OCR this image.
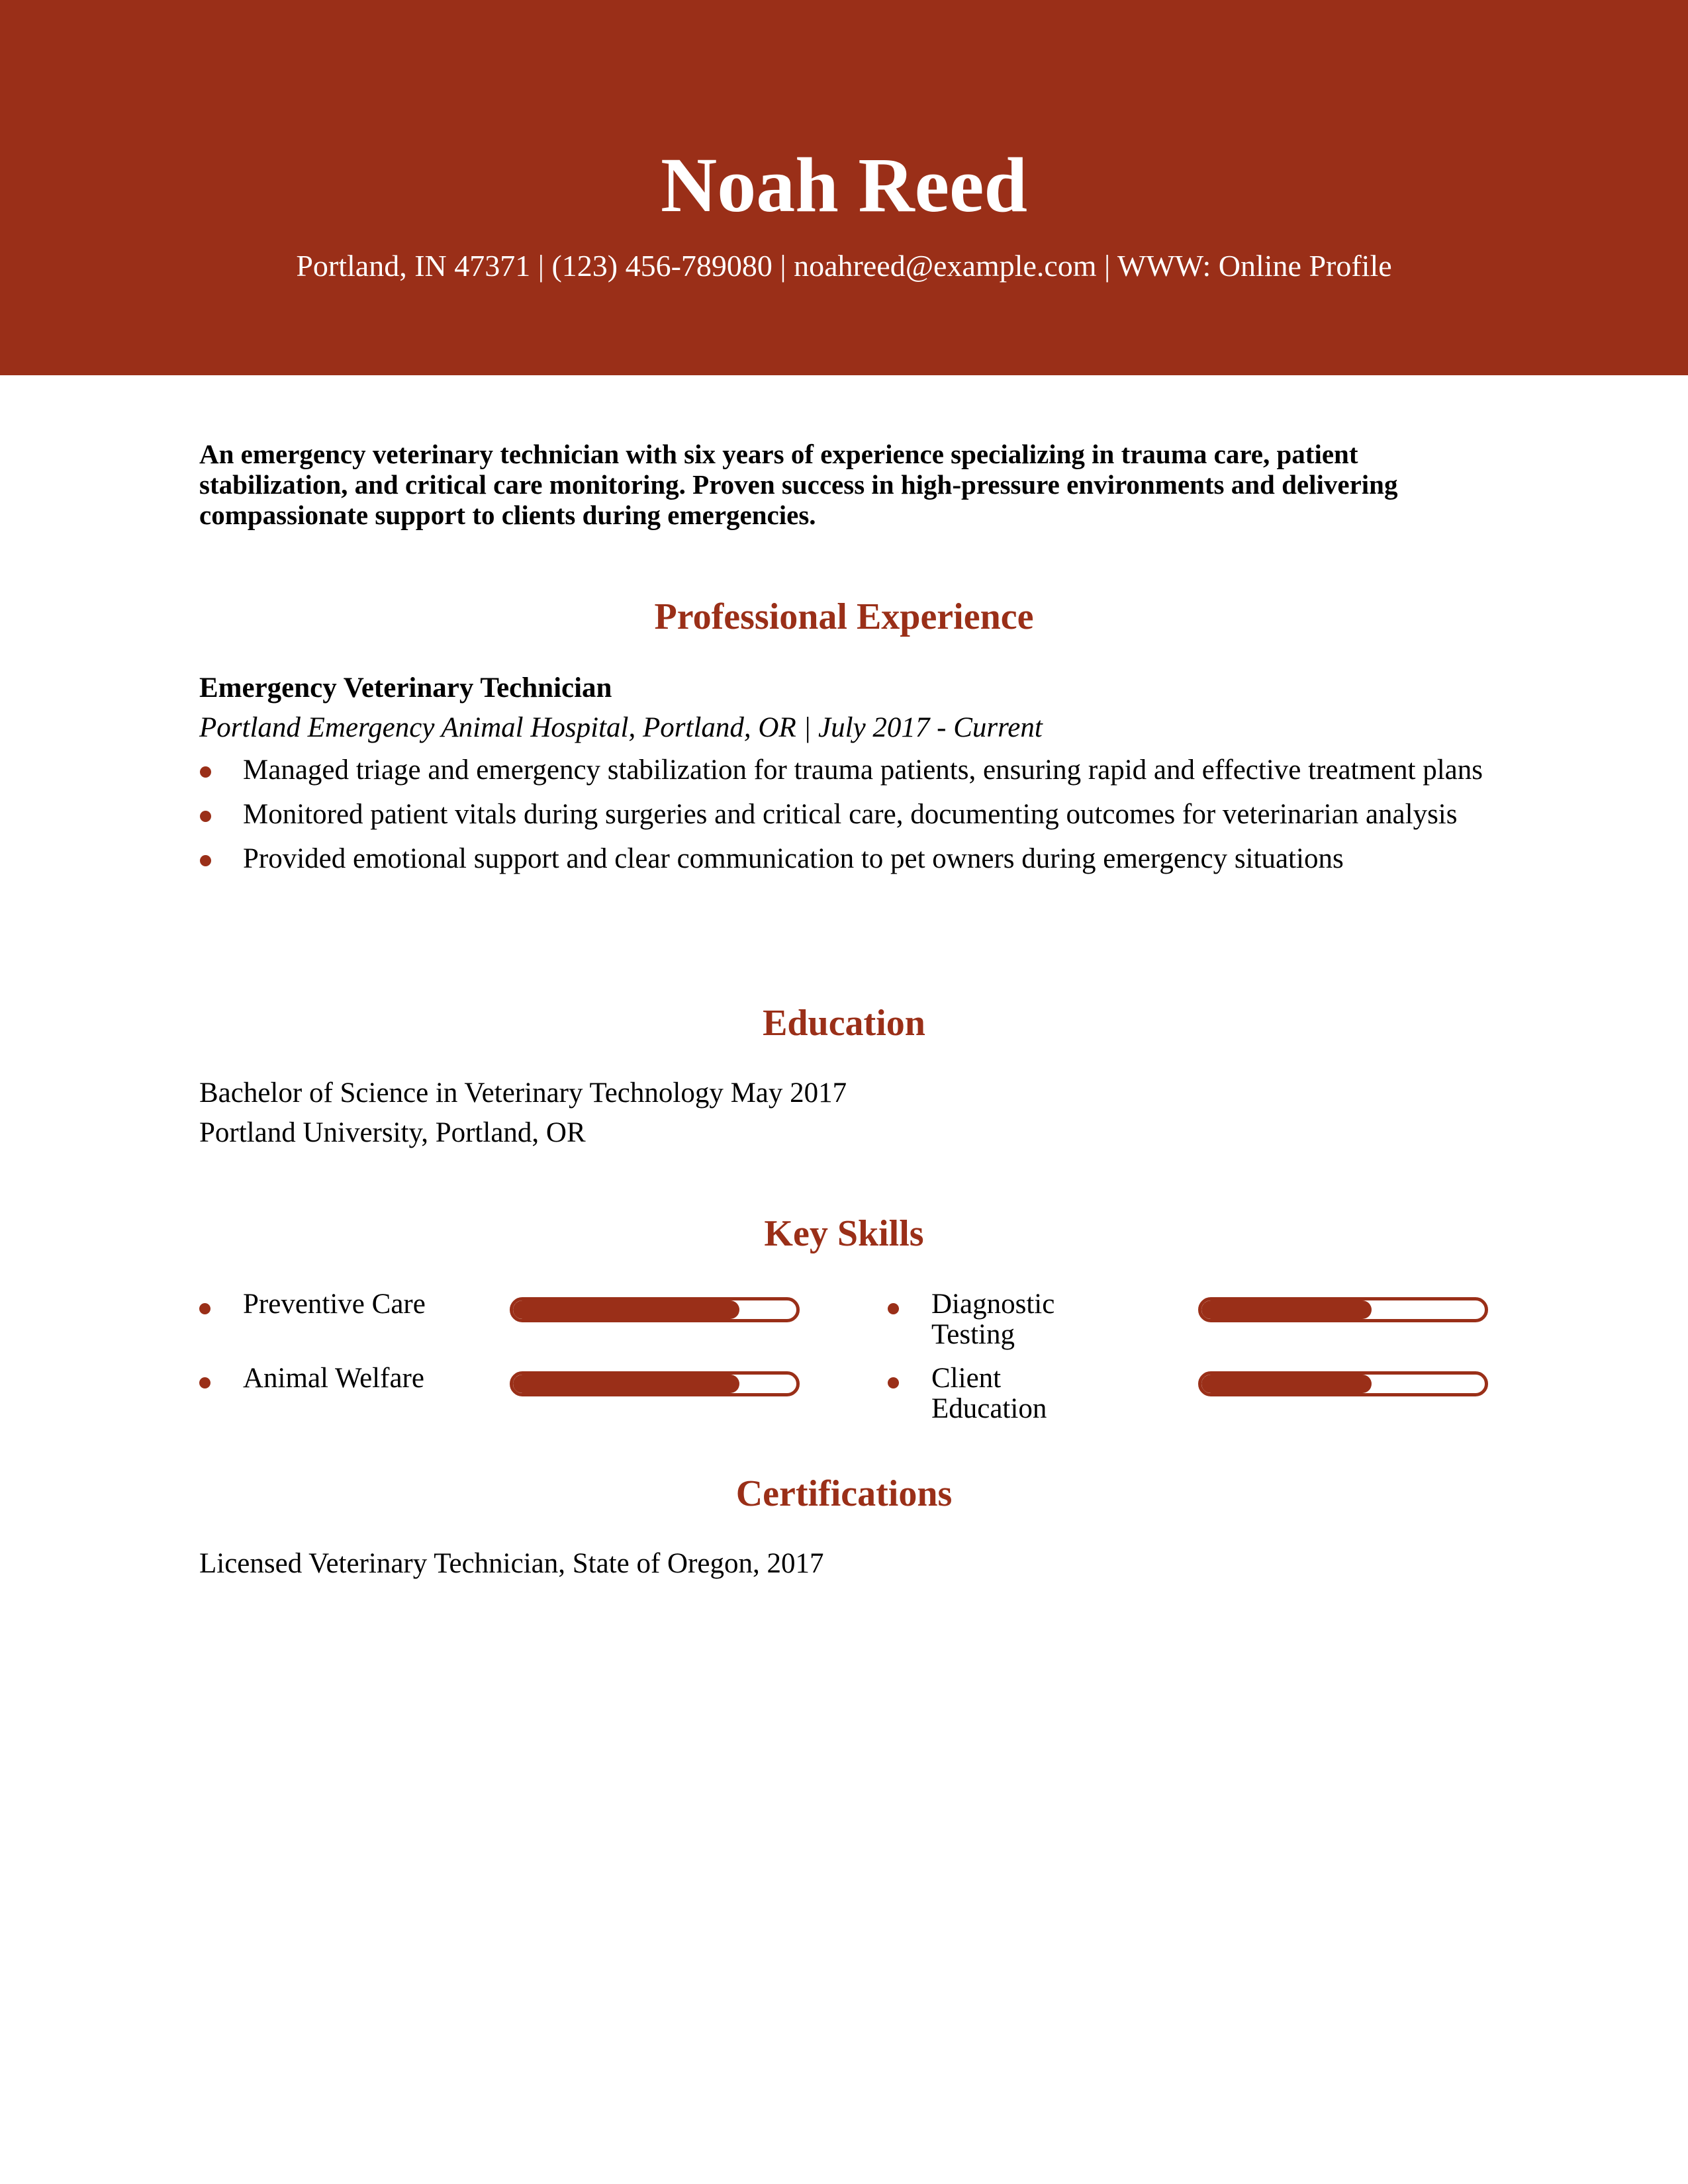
Noah Reed
Portland, IN 47371 | (123) 456-789080 | noahreed@example.com | WWW: Online Profile
An emergency veterinary technician with six years of experience specializing in trauma care, patient stabilization, and critical care monitoring. Proven success in high-pressure environments and delivering compassionate support to clients during emergencies.
Professional Experience
Emergency Veterinary Technician
Portland Emergency Animal Hospital, Portland, OR | July 2017 - Current
Managed triage and emergency stabilization for trauma patients, ensuring rapid and effective treatment plans
Monitored patient vitals during surgeries and critical care, documenting outcomes for veterinarian analysis
Provided emotional support and clear communication to pet owners during emergency situations
Education
Bachelor of Science in Veterinary Technology May 2017
Portland University, Portland, OR
Key Skills
Preventive Care	Diagnostic Testing
Animal Welfare	Client Education
Certifications
Licensed Veterinary Technician, State of Oregon, 2017
